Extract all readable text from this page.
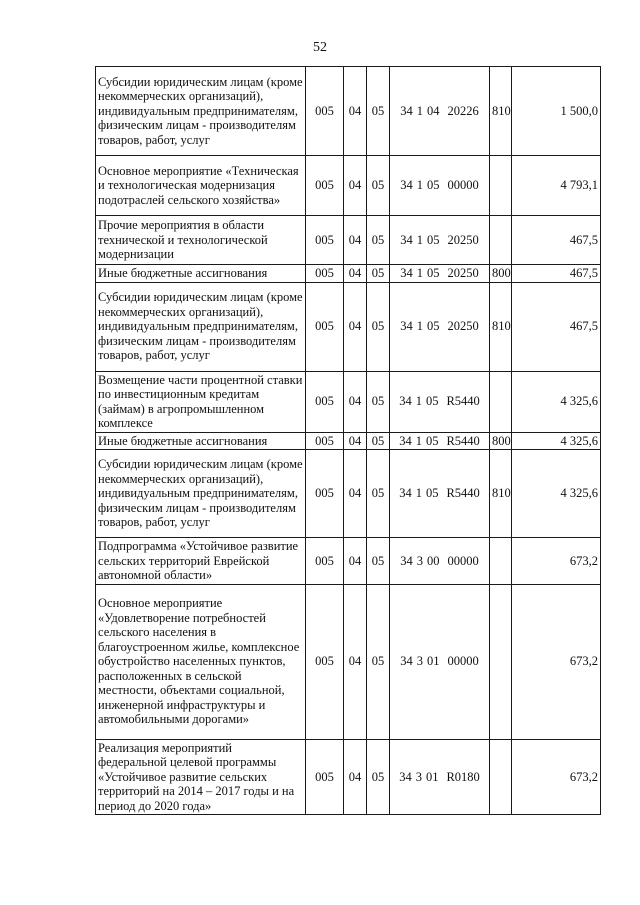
52
Субсидии юридическим лицам (кроме некоммерческих организаций), индивидуальным предпринимателям, физическим лицам - производителям товаров, работ, услуг	005	04	05	34 1 04 20226	810	1 500,0
Основное мероприятие «Техническая и технологическая модернизация подотраслей сельского хозяйства»	005	04	05	34 1 05 00000		4 793,1
Прочие мероприятия в области технической и технологической модернизации	005	04	05	34 1 05 20250		467,5
Иные бюджетные ассигнования	005	04	05	34 1 05 20250	800	467,5
Субсидии юридическим лицам (кроме некоммерческих организаций), индивидуальным предпринимателям, физическим лицам - производителям товаров, работ, услуг	005	04	05	34 1 05 20250	810	467,5
Возмещение части процентной ставки по инвестиционным кредитам (займам) в агропромышленном комплексе	005	04	05	34 1 05 R5440		4 325,6
Иные бюджетные ассигнования	005	04	05	34 1 05 R5440	800	4 325,6
Субсидии юридическим лицам (кроме некоммерческих организаций), индивидуальным предпринимателям, физическим лицам - производителям товаров, работ, услуг	005	04	05	34 1 05 R5440	810	4 325,6
Подпрограмма «Устойчивое развитие сельских территорий Еврейской автономной области»	005	04	05	34 3 00 00000		673,2
Основное мероприятие «Удовлетворение потребностей сельского населения в благоустроенном жилье, комплексное обустройство населенных пунктов, расположенных в сельской местности, объектами социальной, инженерной инфраструктуры и автомобильными дорогами»	005	04	05	34 3 01 00000		673,2
Реализация мероприятий федеральной целевой программы «Устойчивое развитие сельских территорий на 2014 – 2017 годы и на период до 2020 года»	005	04	05	34 3 01 R0180		673,2
